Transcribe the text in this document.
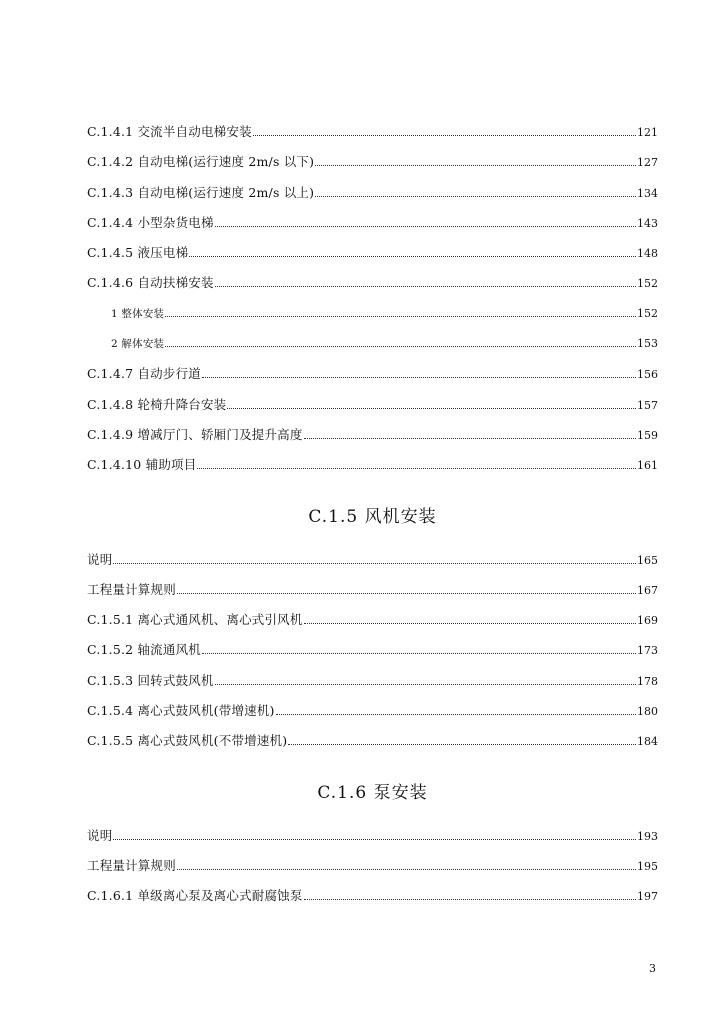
C.1.4.1 交流半自动电梯安装	121
C.1.4.2 自动电梯(运行速度 2m/s 以下)	127
C.1.4.3 自动电梯(运行速度 2m/s 以上)	134
C.1.4.4 小型杂货电梯	143
C.1.4.5 液压电梯	148
C.1.4.6 自动扶梯安装	152
1 整体安装	152
2 解体安装	153
C.1.4.7 自动步行道	156
C.1.4.8 轮椅升降台安装	157
C.1.4.9 增减厅门、轿厢门及提升高度	159
C.1.4.10 辅助项目	161
C.1.5 风机安装
说明	165
工程量计算规则	167
C.1.5.1 离心式通风机、离心式引风机	169
C.1.5.2 轴流通风机	173
C.1.5.3 回转式鼓风机	178
C.1.5.4 离心式鼓风机(带增速机)	180
C.1.5.5 离心式鼓风机(不带增速机)	184
C.1.6 泵安装
说明	193
工程量计算规则	195
C.1.6.1 单级离心泵及离心式耐腐蚀泵	197
3
